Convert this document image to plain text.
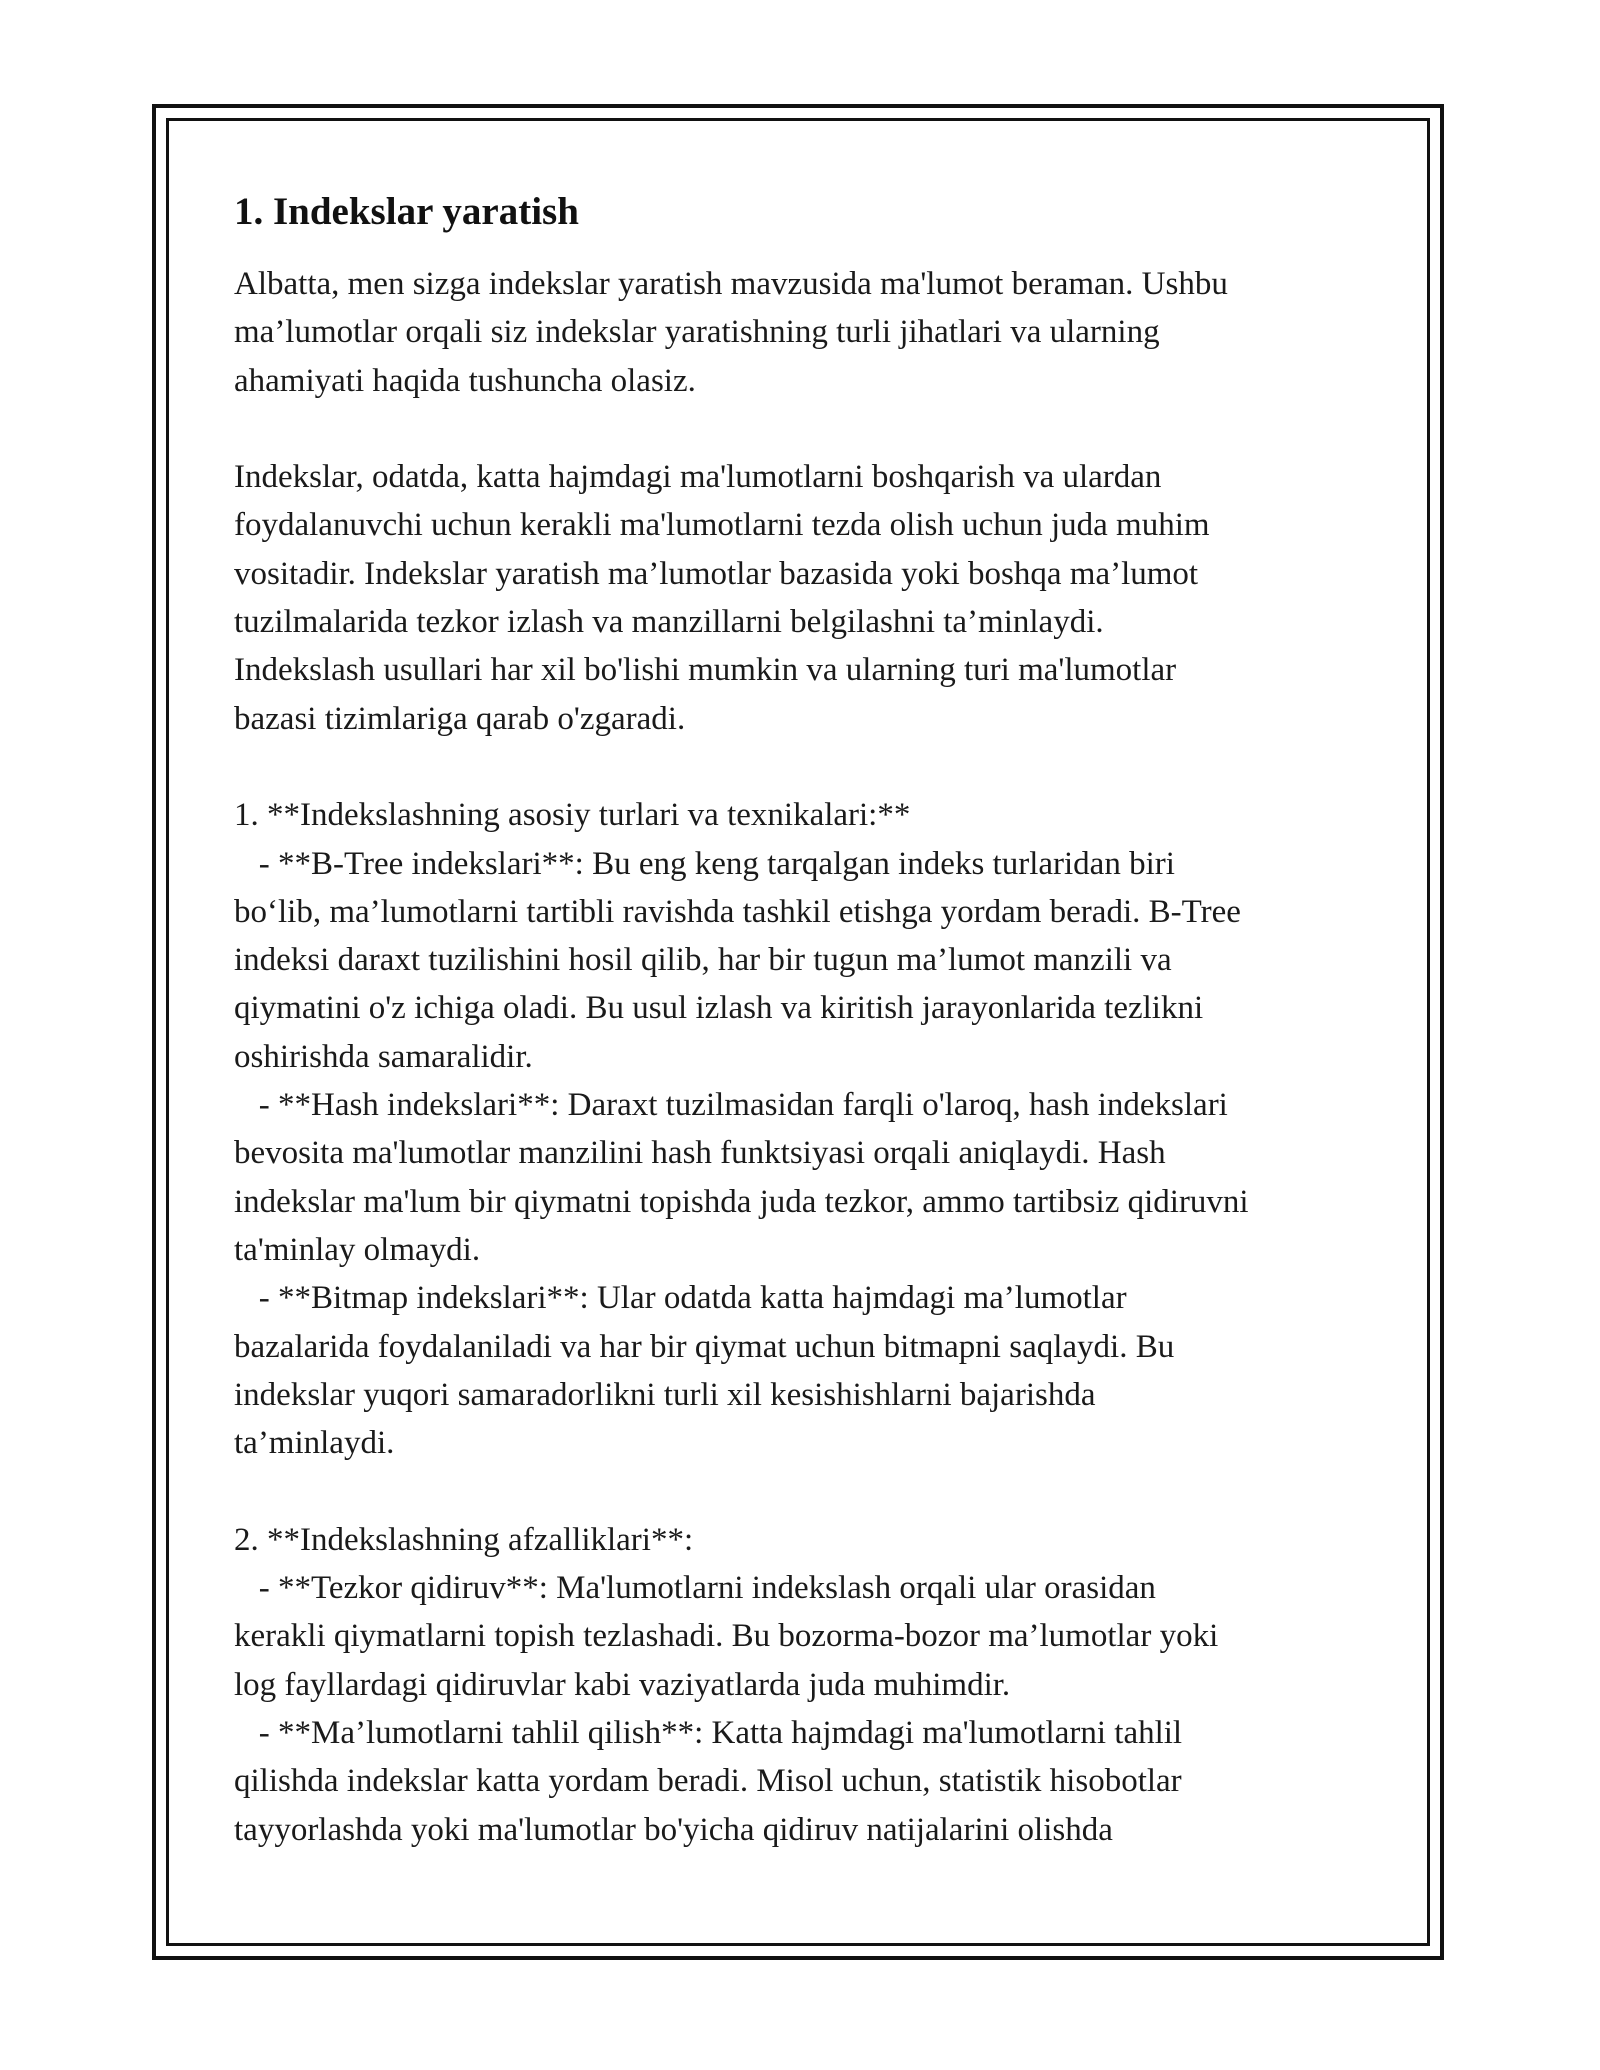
1. Indekslar yaratish

Albatta, men sizga indekslar yaratish mavzusida ma'lumot beraman. Ushbu

ma’lumotlar orqali siz indekslar yaratishning turli jihatlari va ularning

ahamiyati haqida tushuncha olasiz.

Indekslar, odatda, katta hajmdagi ma'lumotlarni boshqarish va ulardan

foydalanuvchi uchun kerakli ma'lumotlarni tezda olish uchun juda muhim

vositadir. Indekslar yaratish ma’lumotlar bazasida yoki boshqa ma’lumot

tuzilmalarida tezkor izlash va manzillarni belgilashni ta’minlaydi.

Indekslash usullari har xil bo'lishi mumkin va ularning turi ma'lumotlar

bazasi tizimlariga qarab o'zgaradi.

1. **Indekslashning asosiy turlari va texnikalari:**

- **B-Tree indekslari**: Bu eng keng tarqalgan indeks turlaridan biri

bo‘lib, ma’lumotlarni tartibli ravishda tashkil etishga yordam beradi. B-Tree

indeksi daraxt tuzilishini hosil qilib, har bir tugun ma’lumot manzili va

qiymatini o'z ichiga oladi. Bu usul izlash va kiritish jarayonlarida tezlikni

oshirishda samaralidir.

- **Hash indekslari**: Daraxt tuzilmasidan farqli o'laroq, hash indekslari

bevosita ma'lumotlar manzilini hash funktsiyasi orqali aniqlaydi. Hash

indekslar ma'lum bir qiymatni topishda juda tezkor, ammo tartibsiz qidiruvni

ta'minlay olmaydi.

- **Bitmap indekslari**: Ular odatda katta hajmdagi ma’lumotlar

bazalarida foydalaniladi va har bir qiymat uchun bitmapni saqlaydi. Bu

indekslar yuqori samaradorlikni turli xil kesishishlarni bajarishda

ta’minlaydi.

2. **Indekslashning afzalliklari**:

- **Tezkor qidiruv**: Ma'lumotlarni indekslash orqali ular orasidan

kerakli qiymatlarni topish tezlashadi. Bu bozorma-bozor ma’lumotlar yoki

log fayllardagi qidiruvlar kabi vaziyatlarda juda muhimdir.

- **Ma’lumotlarni tahlil qilish**: Katta hajmdagi ma'lumotlarni tahlil

qilishda indekslar katta yordam beradi. Misol uchun, statistik hisobotlar

tayyorlashda yoki ma'lumotlar bo'yicha qidiruv natijalarini olishda
